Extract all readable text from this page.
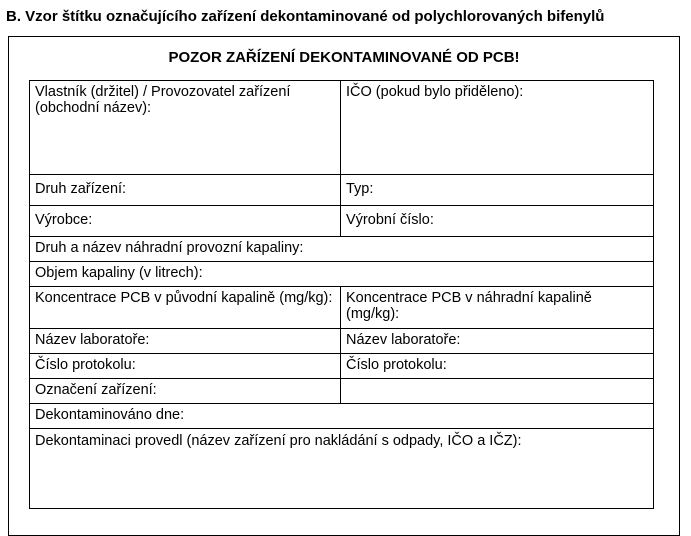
B. Vzor štítku označujícího zařízení dekontaminované od polychlorovaných bifenylů
POZOR ZAŘÍZENÍ DEKONTAMINOVANÉ OD PCB!
Vlastník (držitel) / Provozovatel zařízení (obchodní název):	IČO (pokud bylo přiděleno):
Druh zařízení:	Typ:
Výrobce:	Výrobní číslo:
Druh a název náhradní provozní kapaliny:	
Objem kapaliny (v litrech):	
Koncentrace PCB v původní kapalině (mg/kg):	Koncentrace PCB v náhradní kapalině (mg/kg):
Název laboratoře:	Název laboratoře:
Číslo protokolu:	Číslo protokolu:
Označení zařízení:	
Dekontaminováno dne:	
Dekontaminaci provedl (název zařízení pro nakládání s odpady, IČO a IČZ):	
